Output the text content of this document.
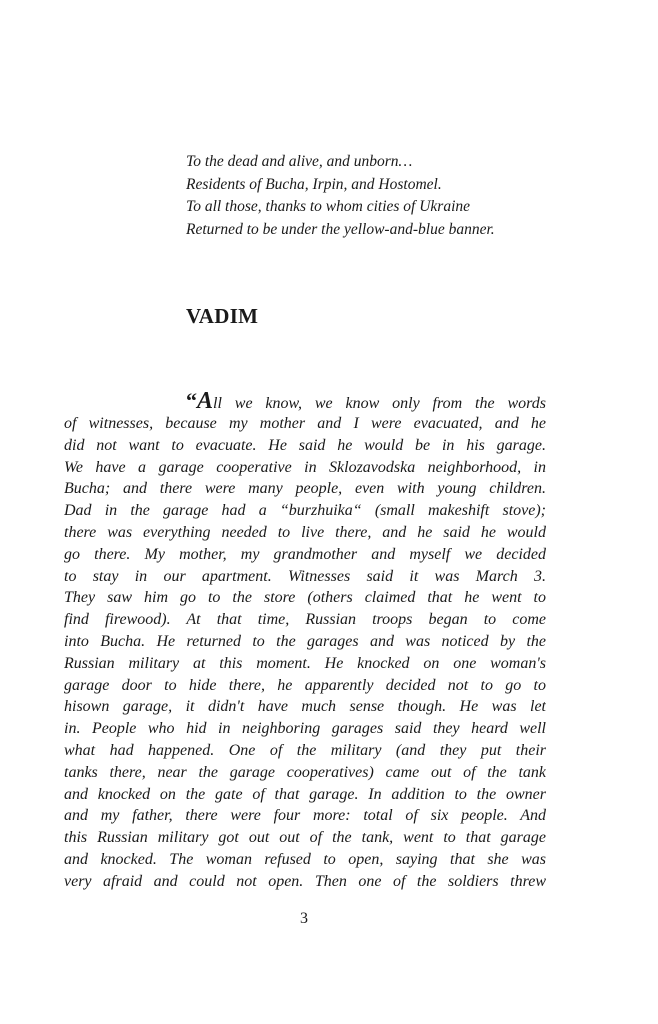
To the dead and alive, and unborn…
Residents of Bucha, Irpin, and Hostomel.
To all those, thanks to whom cities of Ukraine
Returned to be under the yellow-and-blue banner.
VADIM
“All we know, we know only from the words
of witnesses, because my mother and I were evacuated, and he
did not want to evacuate. He said he would be in his garage.
We have a garage cooperative in Sklozavodska neighborhood, in
Bucha; and there were many people, even with young children.
Dad in the garage had a “burzhuika“ (small makeshift stove);
there was everything needed to live there, and he said he would
go there. My mother, my grandmother and myself we decided
to stay in our apartment. Witnesses said it was March 3.
They saw him go to the store (others claimed that he went to
find firewood). At that time, Russian troops began to come
into Bucha. He returned to the garages and was noticed by the
Russian military at this moment. He knocked on one woman's
garage door to hide there, he apparently decided not to go to
hisown garage, it didn't have much sense though. He was let
in. People who hid in neighboring garages said they heard well
what had happened. One of the military (and they put their
tanks there, near the garage cooperatives) came out of the tank
and knocked on the gate of that garage. In addition to the owner
and my father, there were four more: total of six people. And
this Russian military got out out of the tank, went to that garage
and knocked. The woman refused to open, saying that she was
very afraid and could not open. Then one of the soldiers threw
3
